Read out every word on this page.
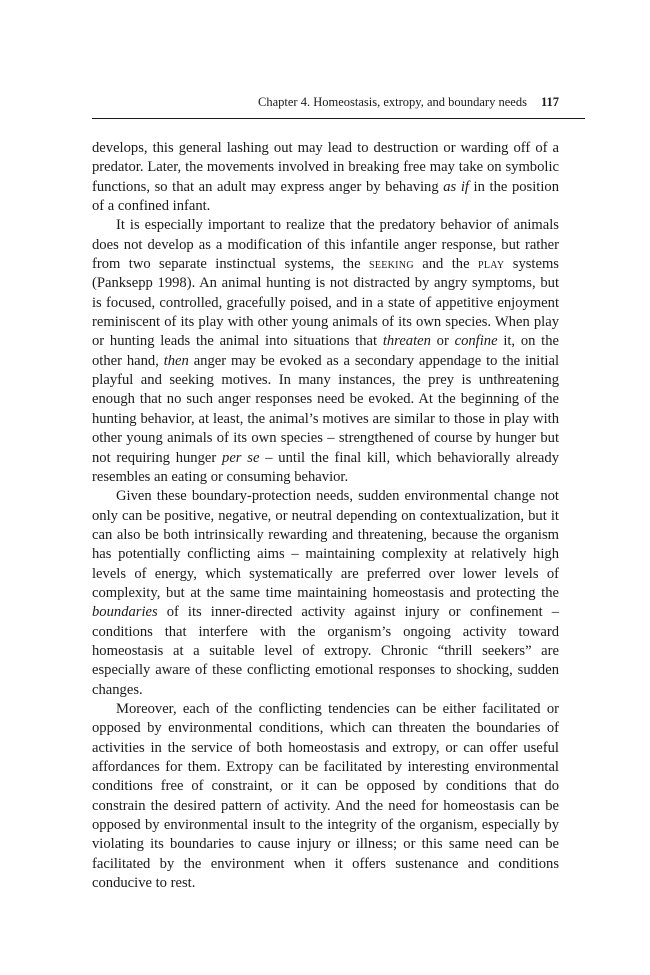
Chapter 4. Homeostasis, extropy, and boundary needs 117

develops, this general lashing out may lead to destruction or warding off of a predator. Later, the movements involved in breaking free may take on symbolic functions, so that an adult may express anger by behaving as if in the position of a confined infant.

It is especially important to realize that the predatory behavior of animals does not develop as a modification of this infantile anger response, but rather from two separate instinctual systems, the seeking and the play systems (Panksepp 1998). An animal hunting is not distracted by angry symptoms, but is focused, controlled, gracefully poised, and in a state of appetitive enjoyment reminiscent of its play with other young animals of its own species. When play or hunting leads the animal into situations that threaten or confine it, on the other hand, then anger may be evoked as a secondary appendage to the initial playful and seeking motives. In many instances, the prey is unthreatening enough that no such anger responses need be evoked. At the beginning of the hunting behavior, at least, the animal’s motives are similar to those in play with other young animals of its own species – strengthened of course by hunger but not requiring hunger per se – until the final kill, which behaviorally already resembles an eating or consuming behavior.

Given these boundary-protection needs, sudden environmental change not only can be positive, negative, or neutral depending on contextualization, but it can also be both intrinsically rewarding and threatening, because the organism has potentially conflicting aims – maintaining complexity at relatively high levels of energy, which systematically are preferred over lower levels of complexity, but at the same time maintaining homeostasis and protecting the boundaries of its inner-directed activity against injury or confinement – conditions that interfere with the organism’s ongoing activity toward homeostasis at a suitable level of extropy. Chronic “thrill seekers” are especially aware of these conflicting emotional responses to shocking, sudden changes.

Moreover, each of the conflicting tendencies can be either facilitated or opposed by environmental conditions, which can threaten the boundaries of activities in the service of both homeostasis and extropy, or can offer useful affordances for them. Extropy can be facilitated by interesting environmental conditions free of constraint, or it can be opposed by conditions that do constrain the desired pattern of activity. And the need for homeostasis can be opposed by environmental insult to the integrity of the organism, especially by violating its boundaries to cause injury or illness; or this same need can be facilitated by the environment when it offers sustenance and conditions conducive to rest.
